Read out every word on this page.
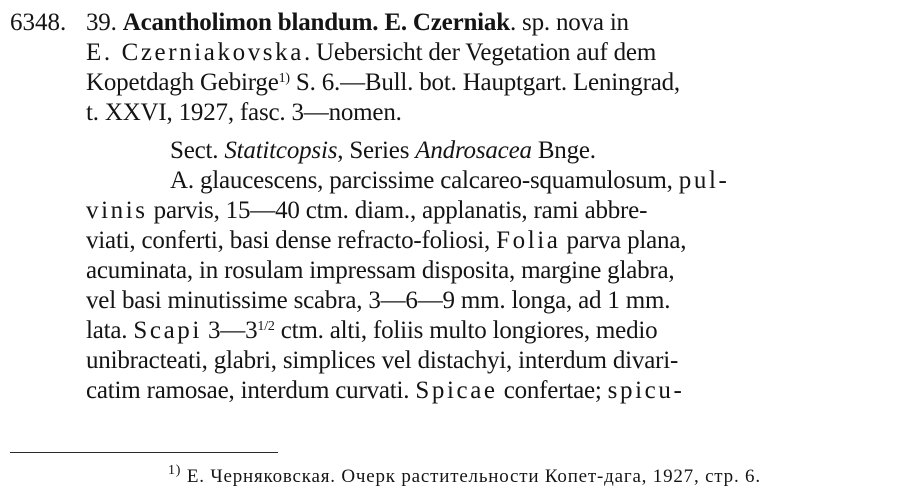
6348. 39. Acantholimon blandum. E. Czerniak. sp. nova in
E. Czerniakovska. Uebersicht der Vegetation auf dem
Kopetdagh Gebirge$^{1)}$ S. 6.—Bull. bot. Hauptgart. Leningrad,
t. XXVI, 1927, fasc. 3—nomen.
Sect. Statitcopsis, Series Androsacea Bnge.
A. glaucescens, parcissime calcareo-squamulosum, pul-
vinis parvis, 15—40 ctm. diam., applanatis, rami abbre-
viati, conferti, basi dense refracto-foliosi, Folia parva plana,
acuminata, in rosulam impressam disposita, margine glabra,
vel basi minutissime scabra, 3—6—9 mm. longa, ad 1 mm.
lata. Scapi $3—3^{1/2}$ ctm. alti, foliis multo longiores, medio
unibracteati, glabri, simplices vel distachyi, interdum divari-
catim ramosae, interdum curvati. Spicae confertae; spicu-
$^{1)}$ Е. Черняковская. Очерк растительности Копет-дага, 1927, стр. 6.
